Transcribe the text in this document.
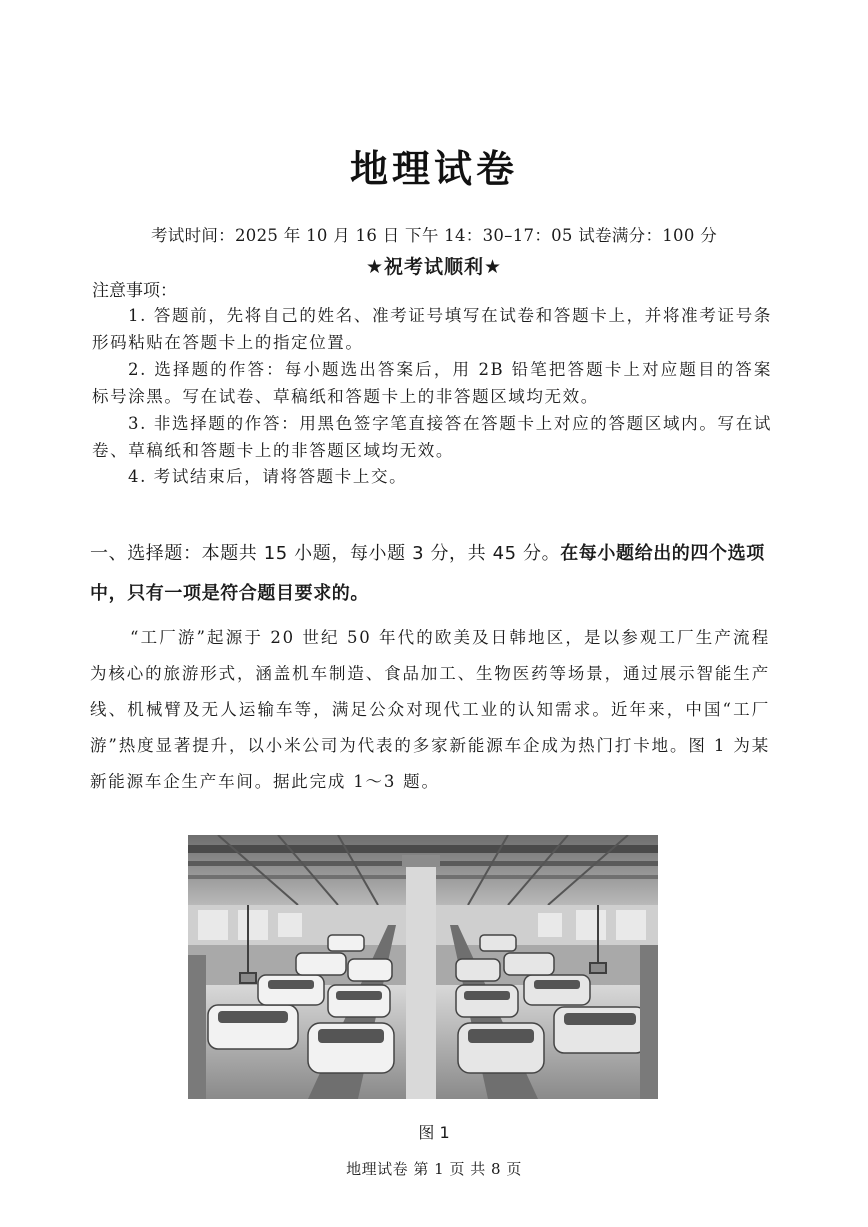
地理试卷
考试时间：2025 年 10 月 16 日 下午 14：30–17：05 试卷满分：100 分
★祝考试顺利★
注意事项：
1. 答题前，先将自己的姓名、准考证号填写在试卷和答题卡上，并将准考证号条形码粘贴在答题卡上的指定位置。
2. 选择题的作答：每小题选出答案后，用 2B 铅笔把答题卡上对应题目的答案标号涂黑。写在试卷、草稿纸和答题卡上的非答题区域均无效。
3. 非选择题的作答：用黑色签字笔直接答在答题卡上对应的答题区域内。写在试卷、草稿纸和答题卡上的非答题区域均无效。
4. 考试结束后，请将答题卡上交。
一、选择题：本题共 15 小题，每小题 3 分，共 45 分。在每小题给出的四个选项中，只有一项是符合题目要求的。
“工厂游”起源于 20 世纪 50 年代的欧美及日韩地区，是以参观工厂生产流程为核心的旅游形式，涵盖机车制造、食品加工、生物医药等场景，通过展示智能生产线、机械臂及无人运输车等，满足公众对现代工业的认知需求。近年来，中国“工厂游”热度显著提升，以小米公司为代表的多家新能源车企成为热门打卡地。图 1 为某新能源车企生产车间。据此完成 1～3 题。
图 1
地理试卷 第 1 页 共 8 页
